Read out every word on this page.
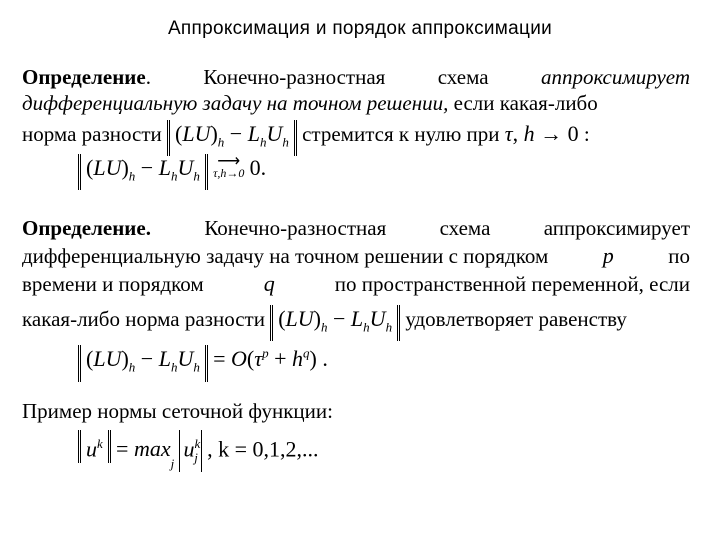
Аппроксимация и порядок аппроксимации
Определение. Конечно-разностная схема аппроксимирует
дифференциальную задачу на точном решении, если какая-либо
норма разности $(LU)_h - L_hU_h$ стремится к нулю при τ, h → 0 :
$(LU)_h - L_hU_h$
⟶
τ,h→0 0.
Определение.	Конечно-разностная	схема	аппроксимирует
дифференциальную задачу на точном решении с порядком p	по
времени и порядком	q	по пространственной переменной, если
какая-либо норма разности $(LU)_h - L_hU_h$ удовлетворяет равенству
$(LU)_h - L_hU_h = O(\tau^p + h^q)$ .
Пример нормы сеточной функции:
$u^k = \max_j u^k_j$ , k = 0,1,2,...
